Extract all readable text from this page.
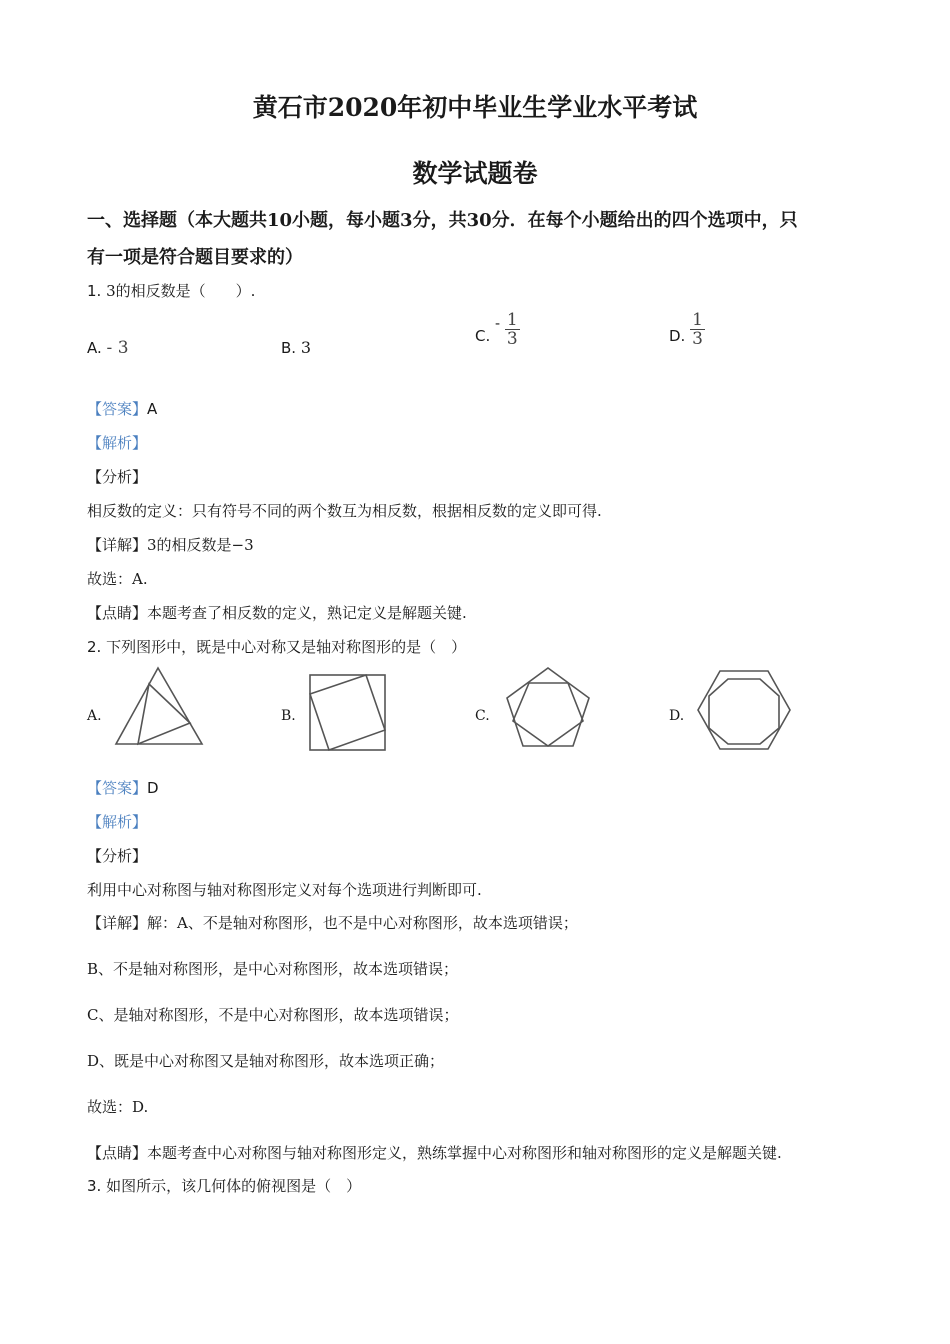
黄石市2020年初中毕业生学业水平考试
数学试题卷
一、选择题（本大题共10小题，每小题3分，共30分．在每个小题给出的四个选项中，只
有一项是符合题目要求的）
1. 3的相反数是（　　）.
A. - 3	B. 3
C. - $\frac{1}{3}$	D. $\frac{1}{3}$
【答案】A
【解析】
【分析】
相反数的定义：只有符号不同的两个数互为相反数，根据相反数的定义即可得.
【详解】3的相反数是−3
故选：A.
【点睛】本题考查了相反数的定义，熟记定义是解题关键.
2. 下列图形中，既是中心对称又是轴对称图形的是（　）
A.	B.	C.	D.
【答案】D
【解析】
【分析】
利用中心对称图与轴对称图形定义对每个选项进行判断即可.
【详解】解：A、不是轴对称图形，也不是中心对称图形，故本选项错误；
B、不是轴对称图形，是中心对称图形，故本选项错误；
C、是轴对称图形，不是中心对称图形，故本选项错误；
D、既是中心对称图又是轴对称图形，故本选项正确；
故选：D.
【点睛】本题考查中心对称图与轴对称图形定义，熟练掌握中心对称图形和轴对称图形的定义是解题关键.
3. 如图所示，该几何体的俯视图是（　）
